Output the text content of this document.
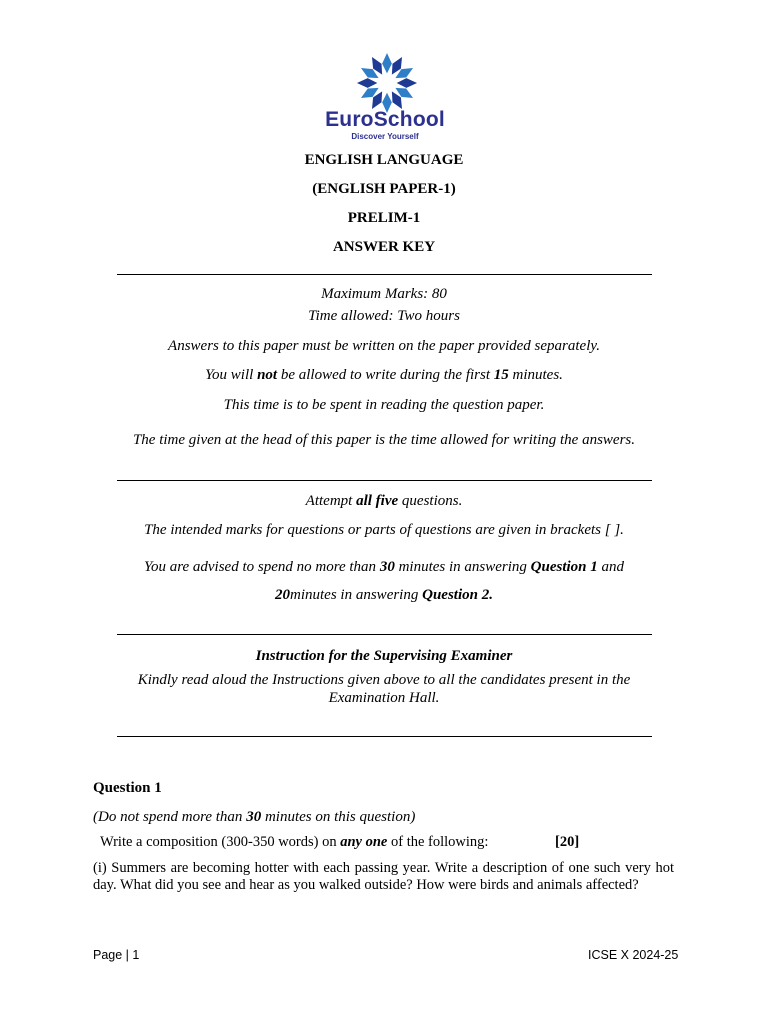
EuroSchool
Discover Yourself
ENGLISH LANGUAGE
(ENGLISH PAPER-1)
PRELIM-1
ANSWER KEY
Maximum Marks: 80
Time allowed: Two hours
Answers to this paper must be written on the paper provided separately.
You will not be allowed to write during the first 15 minutes.
This time is to be spent in reading the question paper.
The time given at the head of this paper is the time allowed for writing the answers.
Attempt all five questions.
The intended marks for questions or parts of questions are given in brackets [ ].
You are advised to spend no more than 30 minutes in answering Question 1 and
20minutes in answering Question 2.
Instruction for the Supervising Examiner
Kindly read aloud the Instructions given above to all the candidates present in the Examination Hall.
Question 1
(Do not spend more than 30 minutes on this question)
Write a composition (300-350 words) on any one of the following:	[20]
(i) Summers are becoming hotter with each passing year. Write a description of one such very hot day. What did you see and hear as you walked outside? How were birds and animals affected?
Page | 1	ICSE X 2024-25
